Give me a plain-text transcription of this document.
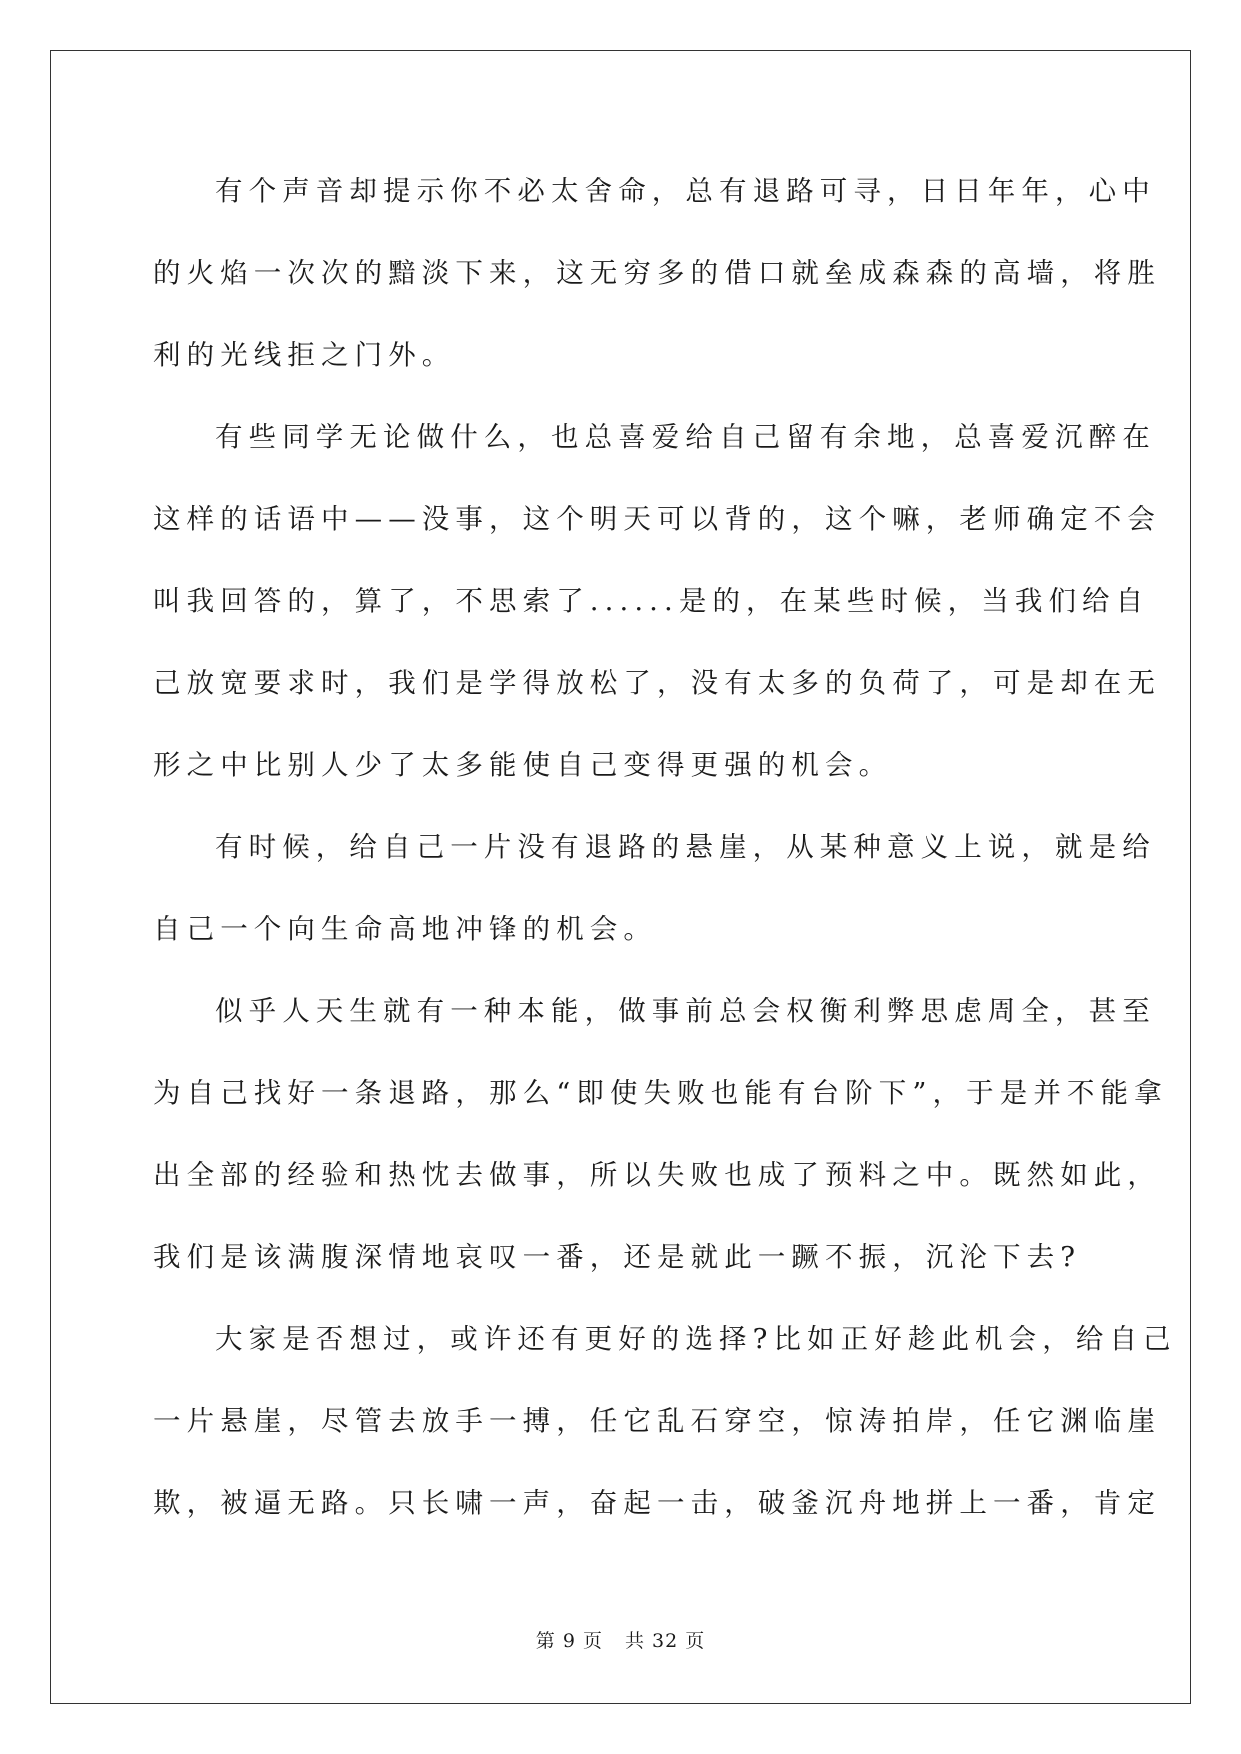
有个声音却提示你不必太舍命，总有退路可寻，日日年年，心中
的火焰一次次的黯淡下来，这无穷多的借口就垒成森森的高墙，将胜
利的光线拒之门外。
有些同学无论做什么，也总喜爱给自己留有余地，总喜爱沉醉在
这样的话语中——没事，这个明天可以背的，这个嘛，老师确定不会
叫我回答的，算了，不思索了......是的，在某些时候，当我们给自
己放宽要求时，我们是学得放松了，没有太多的负荷了，可是却在无
形之中比别人少了太多能使自己变得更强的机会。
有时候，给自己一片没有退路的悬崖，从某种意义上说，就是给
自己一个向生命高地冲锋的机会。
似乎人天生就有一种本能，做事前总会权衡利弊思虑周全，甚至
为自己找好一条退路，那么“即使失败也能有台阶下”，于是并不能拿
出全部的经验和热忱去做事，所以失败也成了预料之中。既然如此，
我们是该满腹深情地哀叹一番，还是就此一蹶不振，沉沦下去?
大家是否想过，或许还有更好的选择?比如正好趁此机会，给自己
一片悬崖，尽管去放手一搏，任它乱石穿空，惊涛拍岸，任它渊临崖
欺，被逼无路。只长啸一声，奋起一击，破釜沉舟地拼上一番，肯定
第 9 页 共 32 页
